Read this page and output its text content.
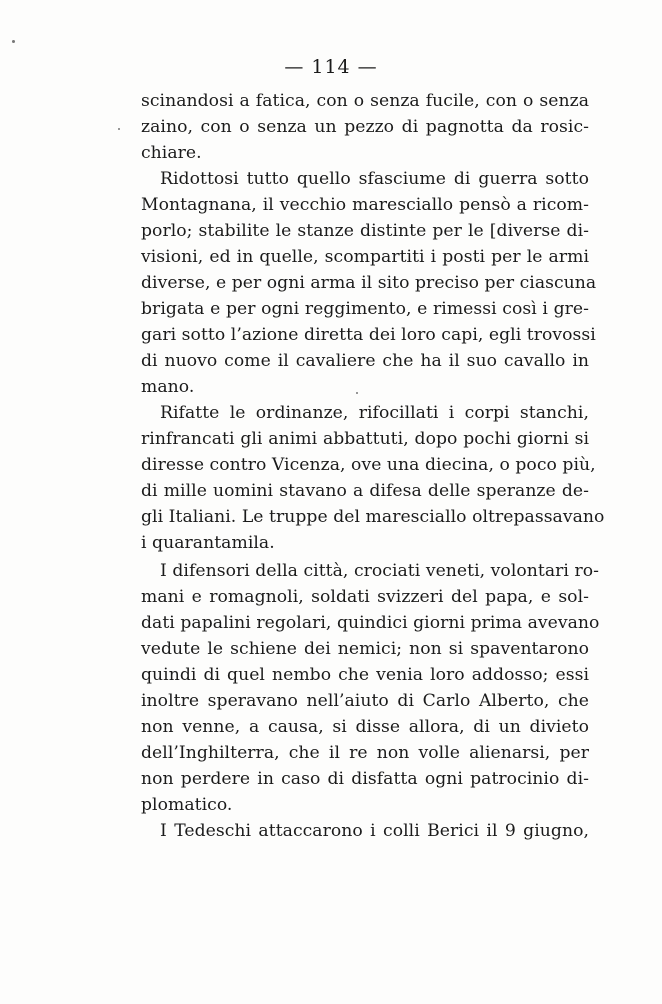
— 114 —
scinandosi a fatica, con o senza fucile, con o senza
zaino, con o senza un pezzo di pagnotta da rosic-
chiare.
Ridottosi tutto quello sfasciume di guerra sotto
Montagnana, il vecchio maresciallo pensò a ricom-
porlo; stabilite le stanze distinte per le [diverse di-
visioni, ed in quelle, scompartiti i posti per le armi
diverse, e per ogni arma il sito preciso per ciascuna
brigata e per ogni reggimento, e rimessi così i gre-
gari sotto l’azione diretta dei loro capi, egli trovossi
di nuovo come il cavaliere che ha il suo cavallo in
mano.
Rifatte le ordinanze, rifocillati i corpi stanchi,
rinfrancati gli animi abbattuti, dopo pochi giorni si
diresse contro Vicenza, ove una diecina, o poco più,
di mille uomini stavano a difesa delle speranze de-
gli Italiani. Le truppe del maresciallo oltrepassavano
i quarantamila.
I difensori della città, crociati veneti, volontari ro-
mani e romagnoli, soldati svizzeri del papa, e sol-
dati papalini regolari, quindici giorni prima avevano
vedute le schiene dei nemici; non si spaventarono
quindi di quel nembo che venia loro addosso; essi
inoltre speravano nell’aiuto di Carlo Alberto, che
non venne, a causa, si disse allora, di un divieto
dell’Inghilterra, che il re non volle alienarsi, per
non perdere in caso di disfatta ogni patrocinio di-
plomatico.
I Tedeschi attaccarono i colli Berici il 9 giugno,
